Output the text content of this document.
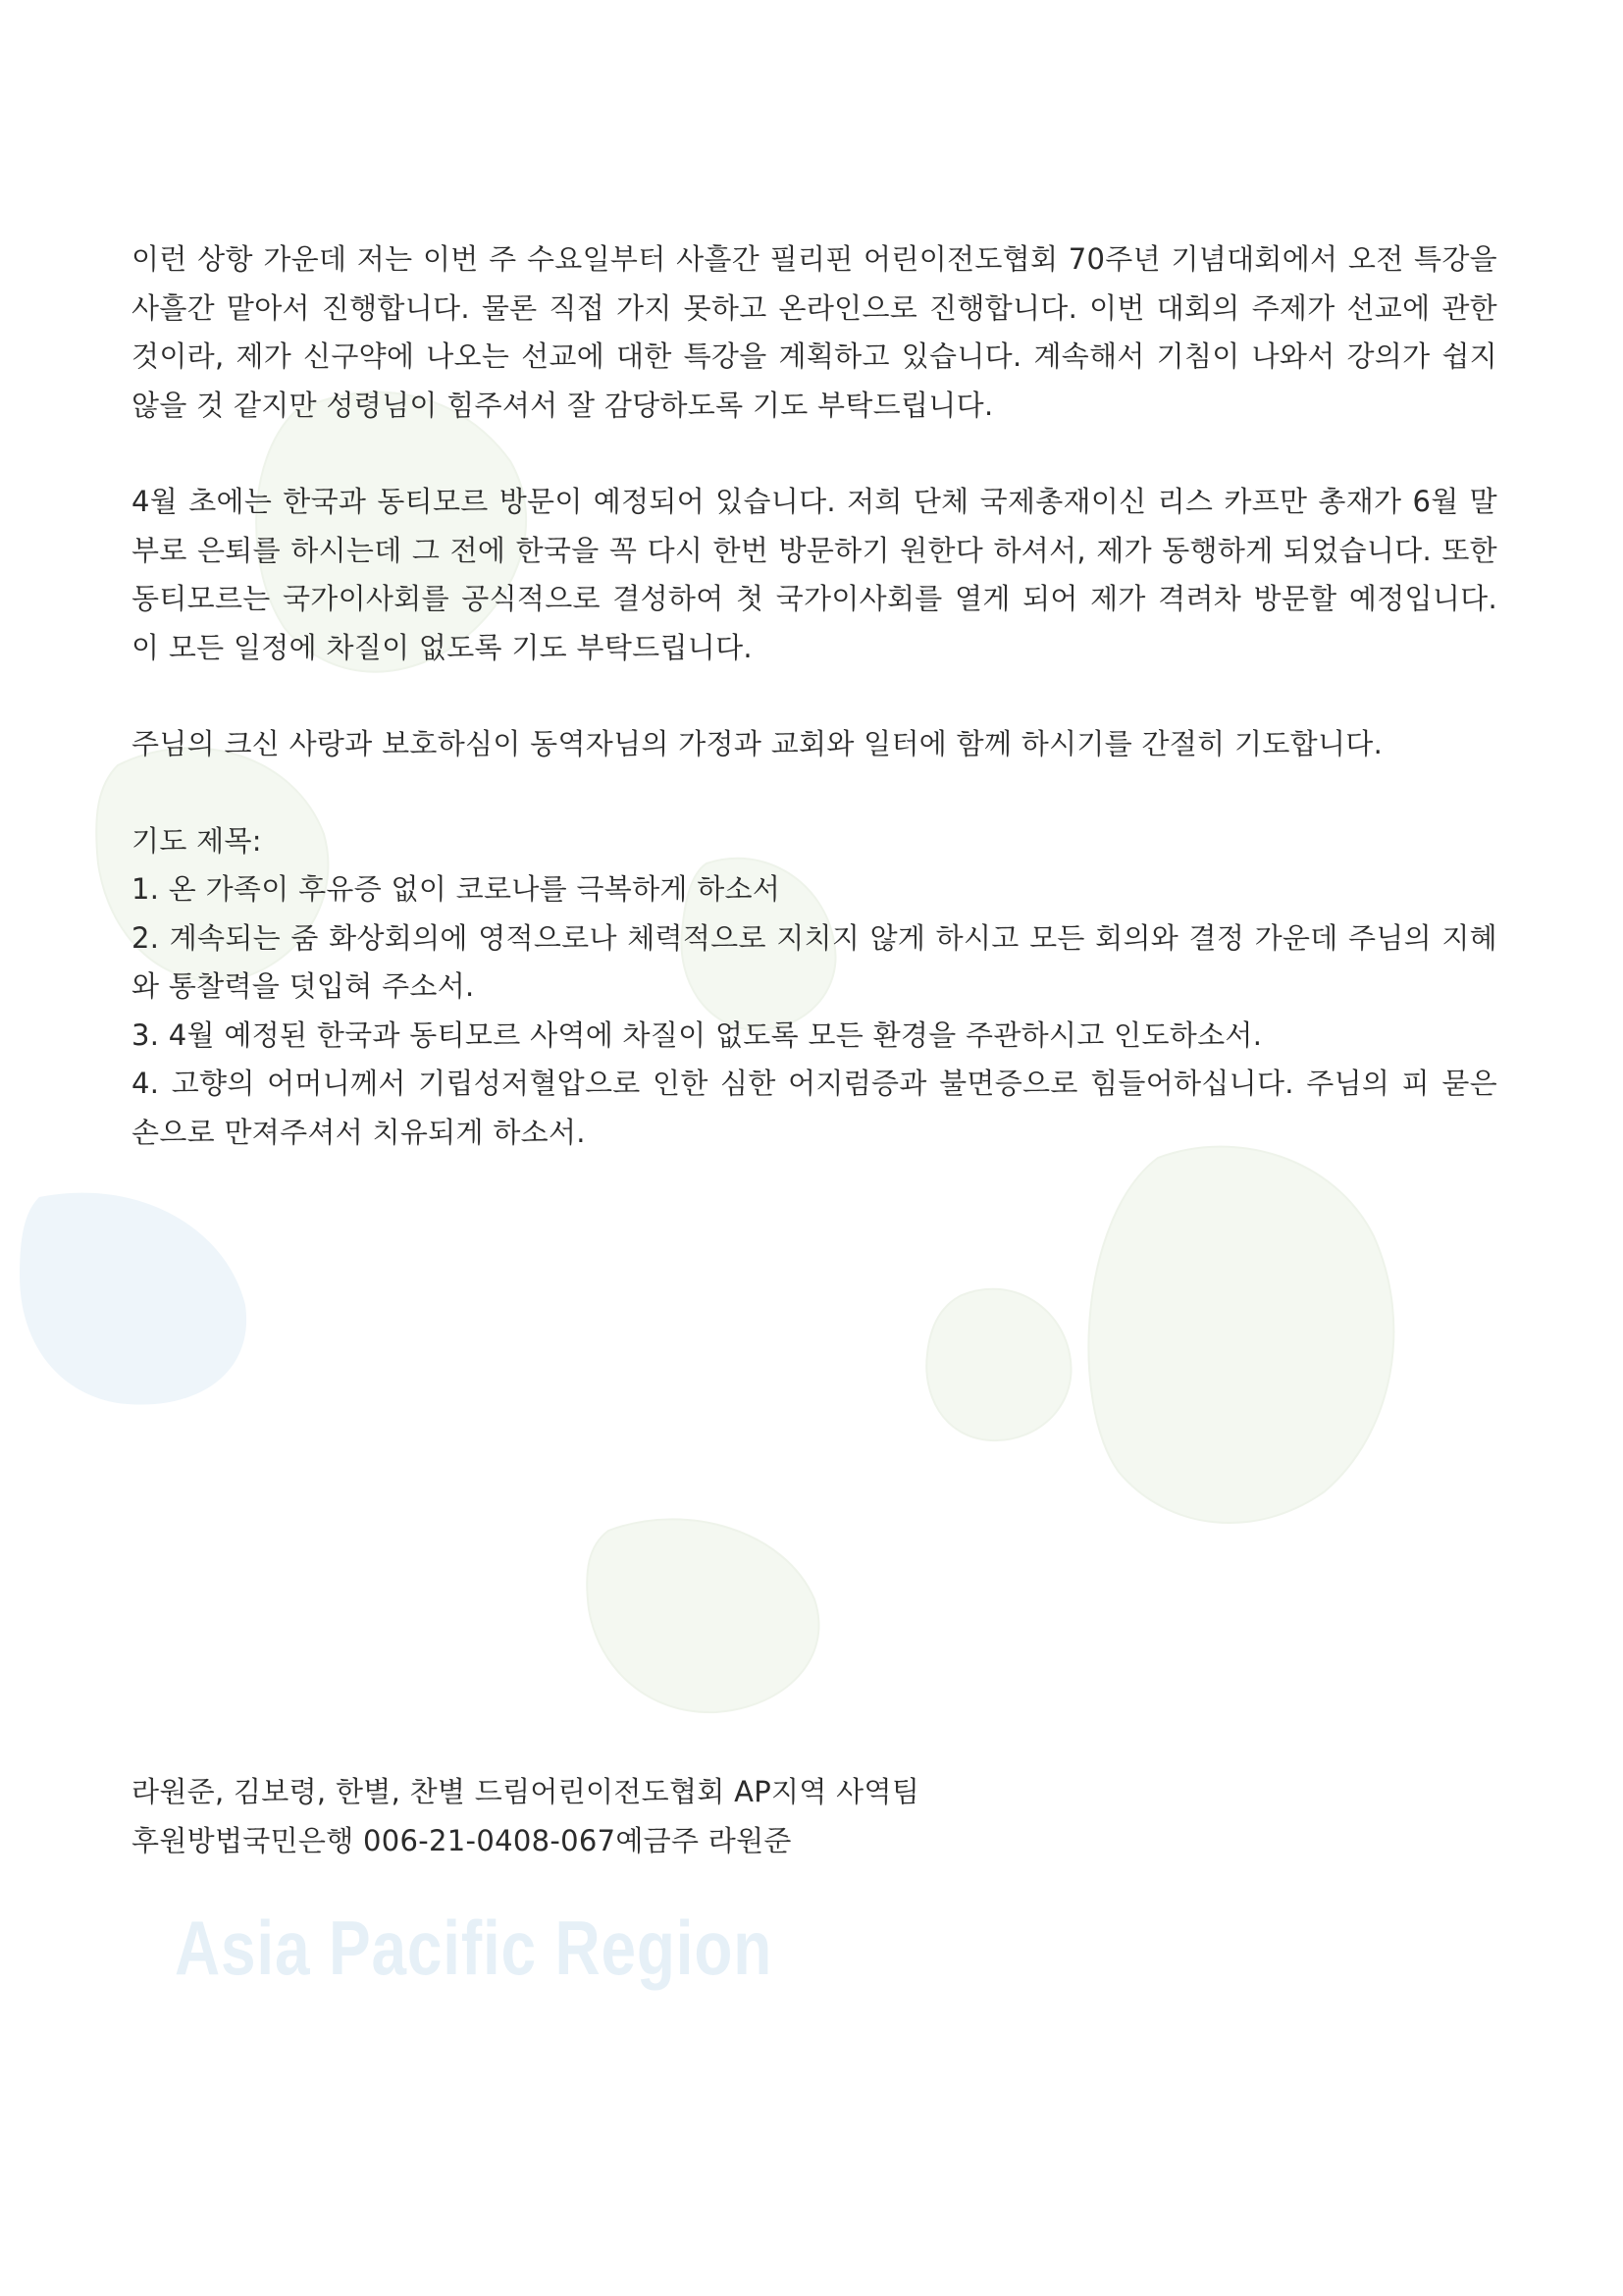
이런 상항 가운데 저는 이번 주 수요일부터 사흘간 필리핀 어린이전도협회 70주년 기념대회에서 오전 특강을 사흘간 맡아서 진행합니다. 물론 직접 가지 못하고 온라인으로 진행합니다. 이번 대회의 주제가 선교에 관한 것이라, 제가 신구약에 나오는 선교에 대한 특강을 계획하고 있습니다. 계속해서 기침이 나와서 강의가 쉽지 않을 것 같지만 성령님이 힘주셔서 잘 감당하도록 기도 부탁드립니다.

4월 초에는 한국과 동티모르 방문이 예정되어 있습니다. 저희 단체 국제총재이신 리스 카프만 총재가 6월 말부로 은퇴를 하시는데 그 전에 한국을 꼭 다시 한번 방문하기 원한다 하셔서, 제가 동행하게 되었습니다. 또한 동티모르는 국가이사회를 공식적으로 결성하여 첫 국가이사회를 열게 되어 제가 격려차 방문할 예정입니다. 이 모든 일정에 차질이 없도록 기도 부탁드립니다.

주님의 크신 사랑과 보호하심이 동역자님의 가정과 교회와 일터에 함께 하시기를 간절히 기도합니다.

기도 제목:

1. 온 가족이 후유증 없이 코로나를 극복하게 하소서
2. 계속되는 줌 화상회의에 영적으로나 체력적으로 지치지 않게 하시고 모든 회의와 결정 가운데 주님의 지혜와 통찰력을 덧입혀 주소서.
3. 4월 예정된 한국과 동티모르 사역에 차질이 없도록 모든 환경을 주관하시고 인도하소서.
4. 고향의 어머니께서 기립성저혈압으로 인한 심한 어지럼증과 불면증으로 힘들어하십니다. 주님의 피 묻은 손으로 만져주셔서 치유되게 하소서.

라원준, 김보령, 한별, 찬별 드림어린이전도협회 AP지역 사역팀

후원방법국민은행 006-21-0408-067예금주 라원준

Asia Pacific Region
